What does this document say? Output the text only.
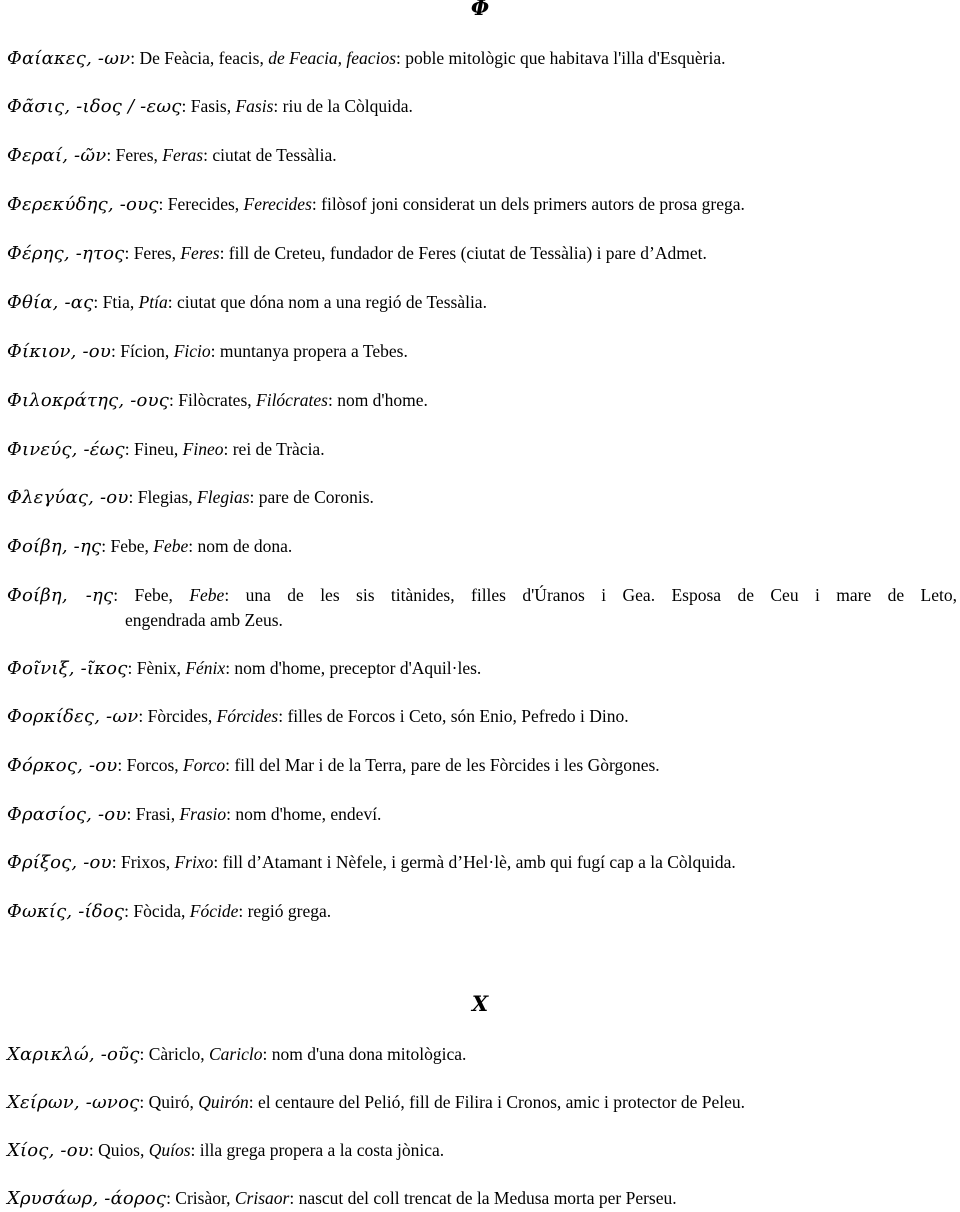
Φ
Φαίακες, -ων: De Feàcia, feacis, de Feacia, feacios: poble mitològic que habitava l'illa d'Esquèria.
Φᾶσις, -ιδος / -εως: Fasis, Fasis: riu de la Còlquida.
Φεραί, -ῶν: Feres, Feras: ciutat de Tessàlia.
Φερεκύδης, -ους: Ferecides, Ferecides: filòsof joni considerat un dels primers autors de prosa grega.
Φέρης, -ητος: Feres, Feres: fill de Creteu, fundador de Feres (ciutat de Tessàlia) i pare d’Admet.
Φθία, -ας: Ftia, Ptía: ciutat que dóna nom a una regió de Tessàlia.
Φίκιον, -ου: Fícion, Ficio: muntanya propera a Tebes.
Φιλοκράτης, -ους: Filòcrates, Filócrates: nom d'home.
Φινεύς, -έως: Fineu, Fineo: rei de Tràcia.
Φλεγύας, -ου: Flegias, Flegias: pare de Coronis.
Φοίβη, -ης: Febe, Febe: nom de dona.
Φοίβη, -ης: Febe, Febe: una de les sis titànides, filles d'Úranos i Gea. Esposa de Ceu i mare de Leto,
engendrada amb Zeus.
Φοῖνιξ, -ῖκος: Fènix, Fénix: nom d'home, preceptor d'Aquil·les.
Φορκίδες, -ων: Fòrcides, Fórcides: filles de Forcos i Ceto, són Enio, Pefredo i Dino.
Φόρκος, -ου: Forcos, Forco: fill del Mar i de la Terra, pare de les Fòrcides i les Gòrgones.
Φρασίος, -ου: Frasi, Frasio: nom d'home, endeví.
Φρίξος, -ου: Frixos, Frixo: fill d’Atamant i Nèfele, i germà d’Hel·lè, amb qui fugí cap a la Còlquida.
Φωκίς, -ίδος: Fòcida, Fócide: regió grega.
X
Χαρικλώ, -οῦς: Càriclo, Cariclo: nom d'una dona mitològica.
Χείρων, -ωνος: Quiró, Quirón: el centaure del Pelió, fill de Filira i Cronos, amic i protector de Peleu.
Χίος, -ου: Quios, Quíos: illa grega propera a la costa jònica.
Χρυσάωρ, -άορος: Crisàor, Crisaor: nascut del coll trencat de la Medusa morta per Perseu.
